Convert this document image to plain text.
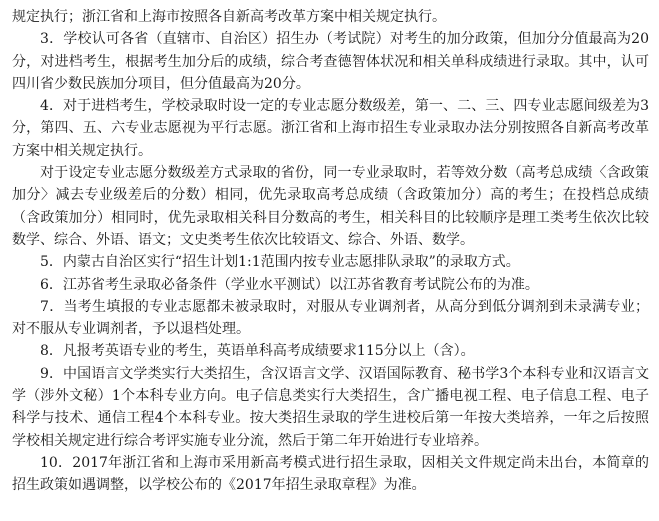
规定执行；浙江省和上海市按照各自新高考改革方案中相关规定执行。

3．学校认可各省（直辖市、自治区）招生办（考试院）对考生的加分政策，但加分分值最高为20分，对进档考生，根据考生加分后的成绩，综合考查德智体状况和相关单科成绩进行录取。其中，认可四川省少数民族加分项目，但分值最高为20分。

4．对于进档考生，学校录取时设一定的专业志愿分数级差，第一、二、三、四专业志愿间级差为3分，第四、五、六专业志愿视为平行志愿。浙江省和上海市招生专业录取办法分别按照各自新高考改革方案中相关规定执行。

对于设定专业志愿分数级差方式录取的省份，同一专业录取时，若等效分数（高考总成绩〈含政策加分〉减去专业级差后的分数）相同，优先录取高考总成绩（含政策加分）高的考生；在投档总成绩（含政策加分）相同时，优先录取相关科目分数高的考生，相关科目的比较顺序是理工类考生依次比较数学、综合、外语、语文；文史类考生依次比较语文、综合、外语、数学。

5．内蒙古自治区实行“招生计划1:1范围内按专业志愿排队录取”的录取方式。

6．江苏省考生录取必备条件（学业水平测试）以江苏省教育考试院公布的为准。

7．当考生填报的专业志愿都未被录取时，对服从专业调剂者，从高分到低分调剂到未录满专业；对不服从专业调剂者，予以退档处理。

8．凡报考英语专业的考生，英语单科高考成绩要求115分以上（含）。

9．中国语言文学类实行大类招生，含汉语言文学、汉语国际教育、秘书学3个本科专业和汉语言文学（涉外文秘）1个本科专业方向。电子信息类实行大类招生，含广播电视工程、电子信息工程、电子科学与技术、通信工程4个本科专业。按大类招生录取的学生进校后第一年按大类培养，一年之后按照学校相关规定进行综合考评实施专业分流，然后于第二年开始进行专业培养。

10．2017年浙江省和上海市采用新高考模式进行招生录取，因相关文件规定尚未出台，本简章的招生政策如遇调整，以学校公布的《2017年招生录取章程》为准。
